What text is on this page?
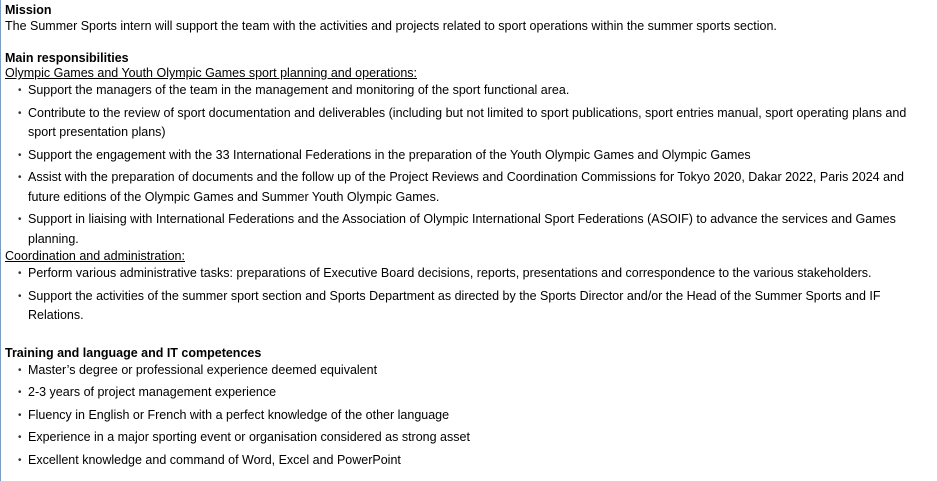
Mission
The Summer Sports intern will support the team with the activities and projects related to sport operations within the summer sports section.
Main responsibilities
Olympic Games and Youth Olympic Games sport planning and operations:
• Support the managers of the team in the management and monitoring of the sport functional area.
• Contribute to the review of sport documentation and deliverables (including but not limited to sport publications, sport entries manual, sport operating plans and sport presentation plans)
• Support the engagement with the 33 International Federations in the preparation of the Youth Olympic Games and Olympic Games
• Assist with the preparation of documents and the follow up of the Project Reviews and Coordination Commissions for Tokyo 2020, Dakar 2022, Paris 2024 and future editions of the Olympic Games and Summer Youth Olympic Games.
• Support in liaising with International Federations and the Association of Olympic International Sport Federations (ASOIF) to advance the services and Games planning.
Coordination and administration:
• Perform various administrative tasks: preparations of Executive Board decisions, reports, presentations and correspondence to the various stakeholders.
• Support the activities of the summer sport section and Sports Department as directed by the Sports Director and/or the Head of the Summer Sports and IF Relations.
Training and language and IT competences
• Master’s degree or professional experience deemed equivalent
• 2-3 years of project management experience
• Fluency in English or French with a perfect knowledge of the other language
• Experience in a major sporting event or organisation considered as strong asset
• Excellent knowledge and command of Word, Excel and PowerPoint
